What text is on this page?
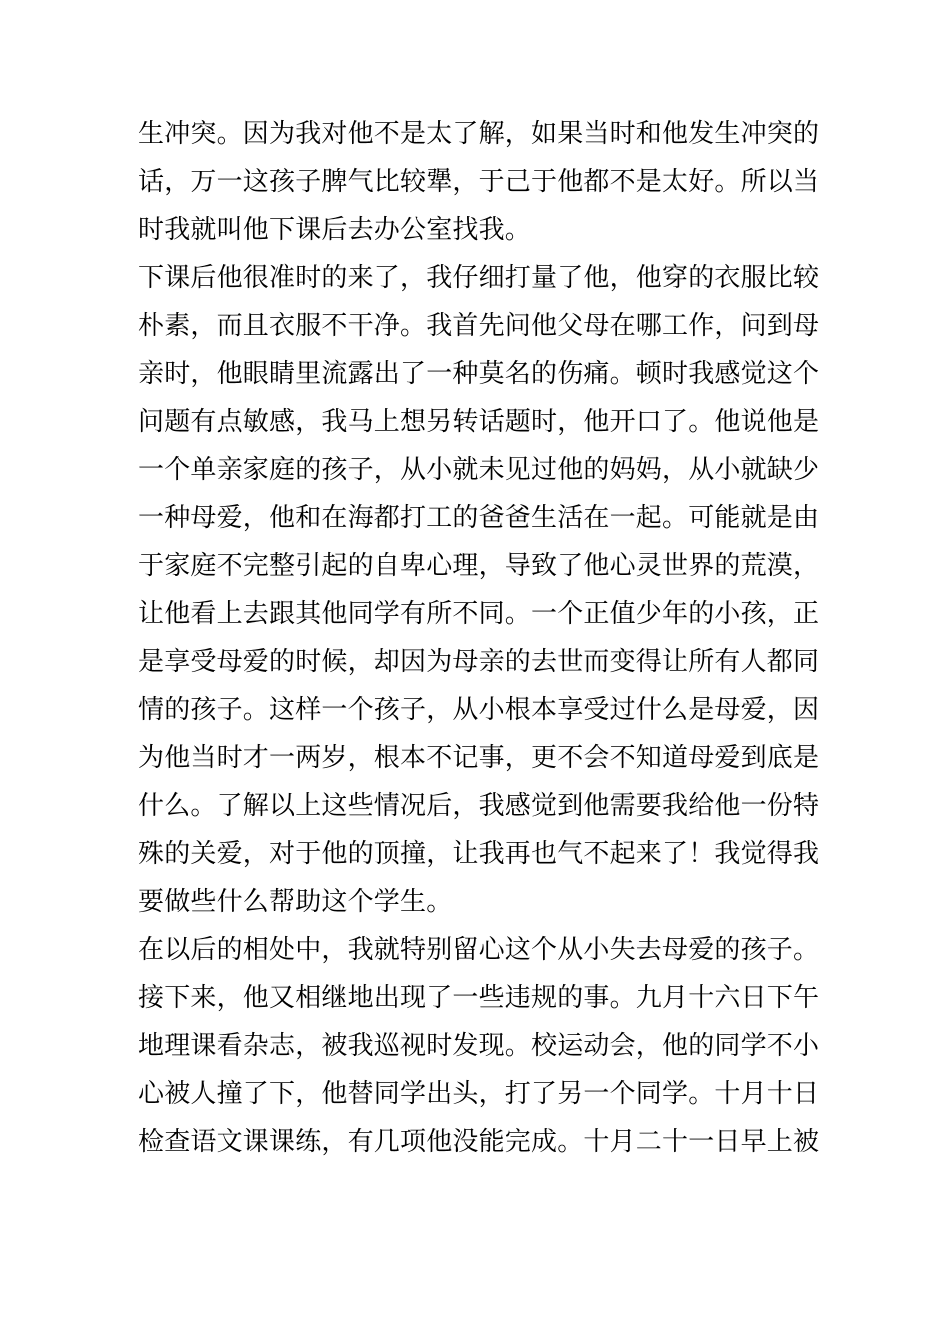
生冲突。因为我对他不是太了解，如果当时和他发生冲突的
话，万一这孩子脾气比较犟，于己于他都不是太好。所以当
时我就叫他下课后去办公室找我。
下课后他很准时的来了，我仔细打量了他，他穿的衣服比较
朴素，而且衣服不干净。我首先问他父母在哪工作，问到母
亲时，他眼睛里流露出了一种莫名的伤痛。顿时我感觉这个
问题有点敏感，我马上想另转话题时，他开口了。他说他是
一个单亲家庭的孩子，从小就未见过他的妈妈，从小就缺少
一种母爱，他和在海都打工的爸爸生活在一起。可能就是由
于家庭不完整引起的自卑心理，导致了他心灵世界的荒漠，
让他看上去跟其他同学有所不同。一个正值少年的小孩，正
是享受母爱的时候，却因为母亲的去世而变得让所有人都同
情的孩子。这样一个孩子，从小根本享受过什么是母爱，因
为他当时才一两岁，根本不记事，更不会不知道母爱到底是
什么。了解以上这些情况后，我感觉到他需要我给他一份特
殊的关爱，对于他的顶撞，让我再也气不起来了！我觉得我
要做些什么帮助这个学生。
在以后的相处中，我就特别留心这个从小失去母爱的孩子。
接下来，他又相继地出现了一些违规的事。九月十六日下午
地理课看杂志，被我巡视时发现。校运动会，他的同学不小
心被人撞了下，他替同学出头，打了另一个同学。十月十日
检查语文课课练，有几项他没能完成。十月二十一日早上被
